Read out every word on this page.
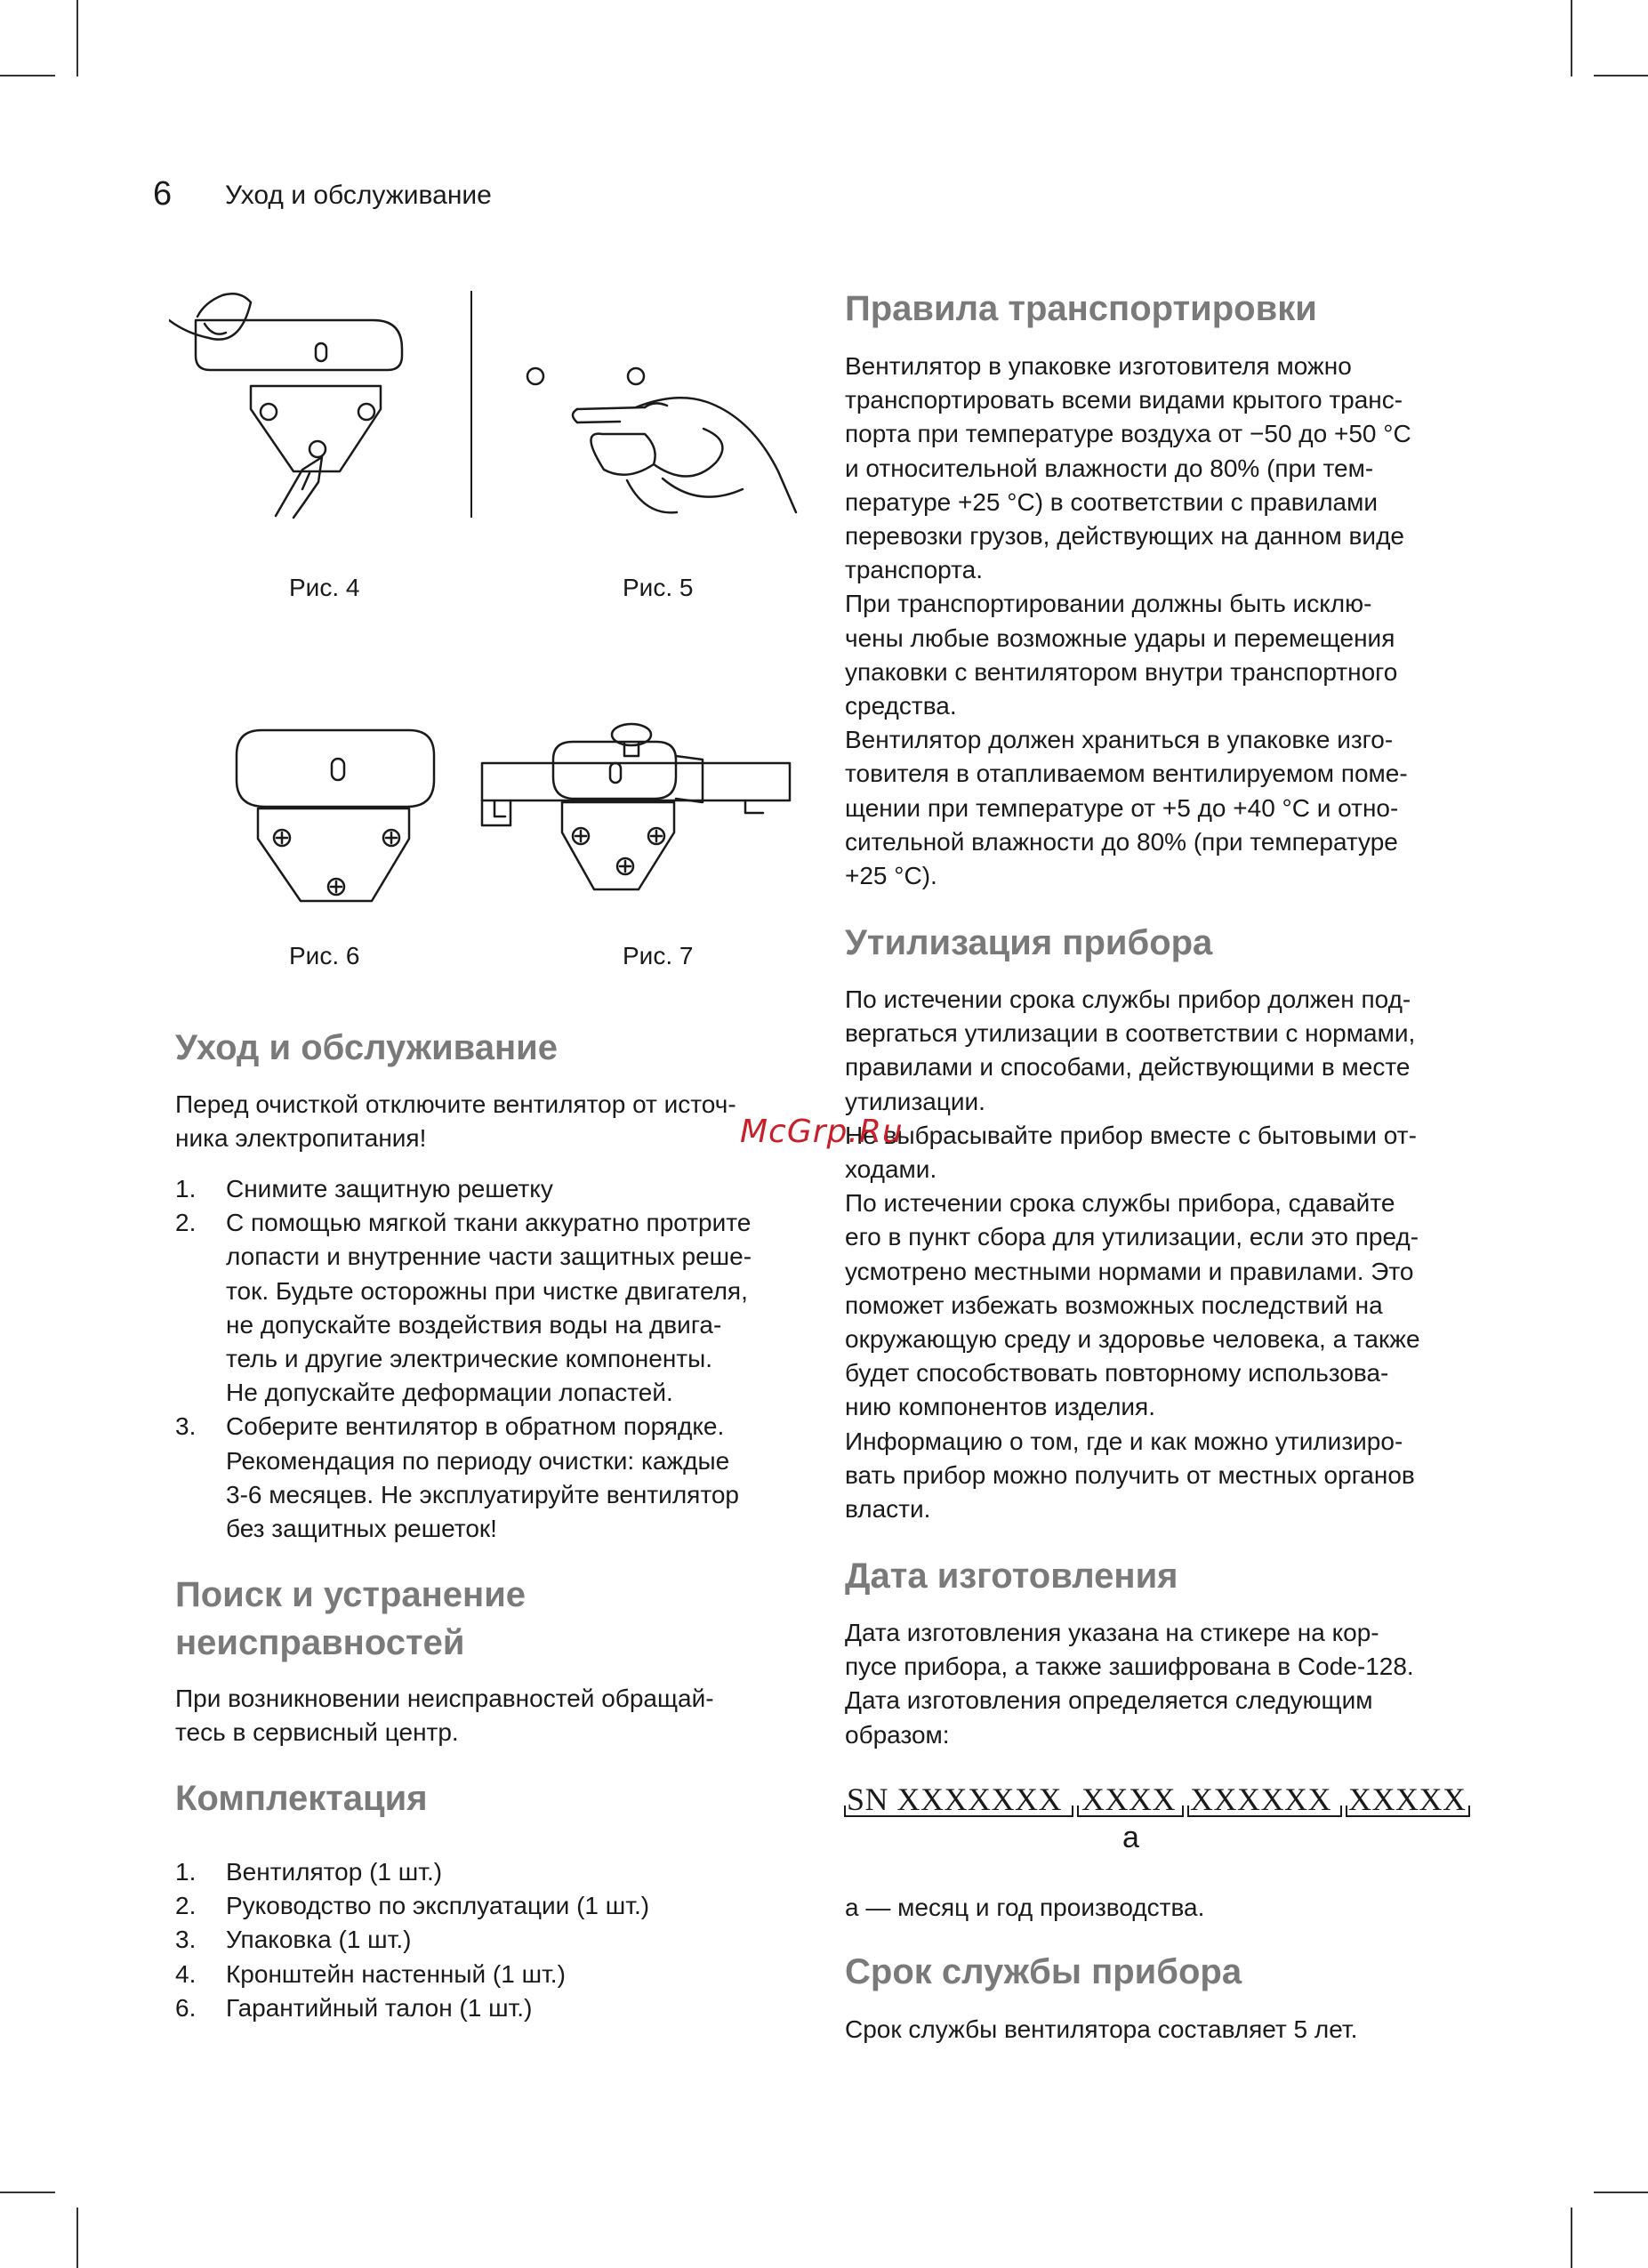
6 Уход и обслуживание
Рис. 4	Рис. 5
Рис. 6	Рис. 7
Уход и обслуживание

Перед очисткой отключите вентилятор от источ-
ника электропитания!

1. Снимите защитную решетку
2. С помощью мягкой ткани аккуратно протрите
лопасти и внутренние части защитных реше-
ток. Будьте осторожны при чистке двигателя,
не допускайте воздействия воды на двига-
тель и другие электрические компоненты.
Не допускайте деформации лопастей.
3. Соберите вентилятор в обратном порядке.
Рекомендация по периоду очистки: каждые
3-6 месяцев. Не эксплуатируйте вентилятор
без защитных решеток!
Поиск и устранение
неисправностей

При возникновении неисправностей обращай-
тесь в сервисный центр.

Комплектация
1. Вентилятор (1 шт.)
2. Руководство по эксплуатации (1 шт.)
3. Упаковка (1 шт.)
4. Кронштейн настенный (1 шт.)
6. Гарантийный талон (1 шт.)
Правила транспортировки

Вентилятор в упаковке изготовителя можно
транспортировать всеми видами крытого транс-
порта при температуре воздуха от −50 до +50 °C
и относительной влажности до 80% (при тем-
пературе +25 °C) в соответствии с правилами
перевозки грузов, действующих на данном виде
транспорта.
При транспортировании должны быть исклю-
чены любые возможные удары и перемещения
упаковки с вентилятором внутри транспортного
средства.
Вентилятор должен храниться в упаковке изго-
товителя в отапливаемом вентилируемом поме-
щении при температуре от +5 до +40 °C и отно-
сительной влажности до 80% (при температуре
+25 °C).

Утилизация прибора

По истечении срока службы прибор должен под-
вергаться утилизации в соответствии с нормами,
правилами и способами, действующими в месте
утилизации.
Не выбрасывайте прибор вместе с бытовыми от-
ходами.
По истечении срока службы прибора, сдавайте
его в пункт сбора для утилизации, если это пред-
усмотрено местными нормами и правилами. Это
поможет избежать возможных последствий на
окружающую среду и здоровье человека, а также
будет способствовать повторному использова-
нию компонентов изделия.
Информацию о том, где и как можно утилизиро-
вать прибор можно получить от местных органов
власти.

Дата изготовления

Дата изготовления указана на стикере на кор-
пусе прибора, а также зашифрована в Code-128.
Дата изготовления определяется следующим
образом:

SN XXXXXXX XXXX XXXXXX XXXXX
a

a — месяц и год производства.

Срок службы прибора

Срок службы вентилятора составляет 5 лет.

McGrp.Ru
